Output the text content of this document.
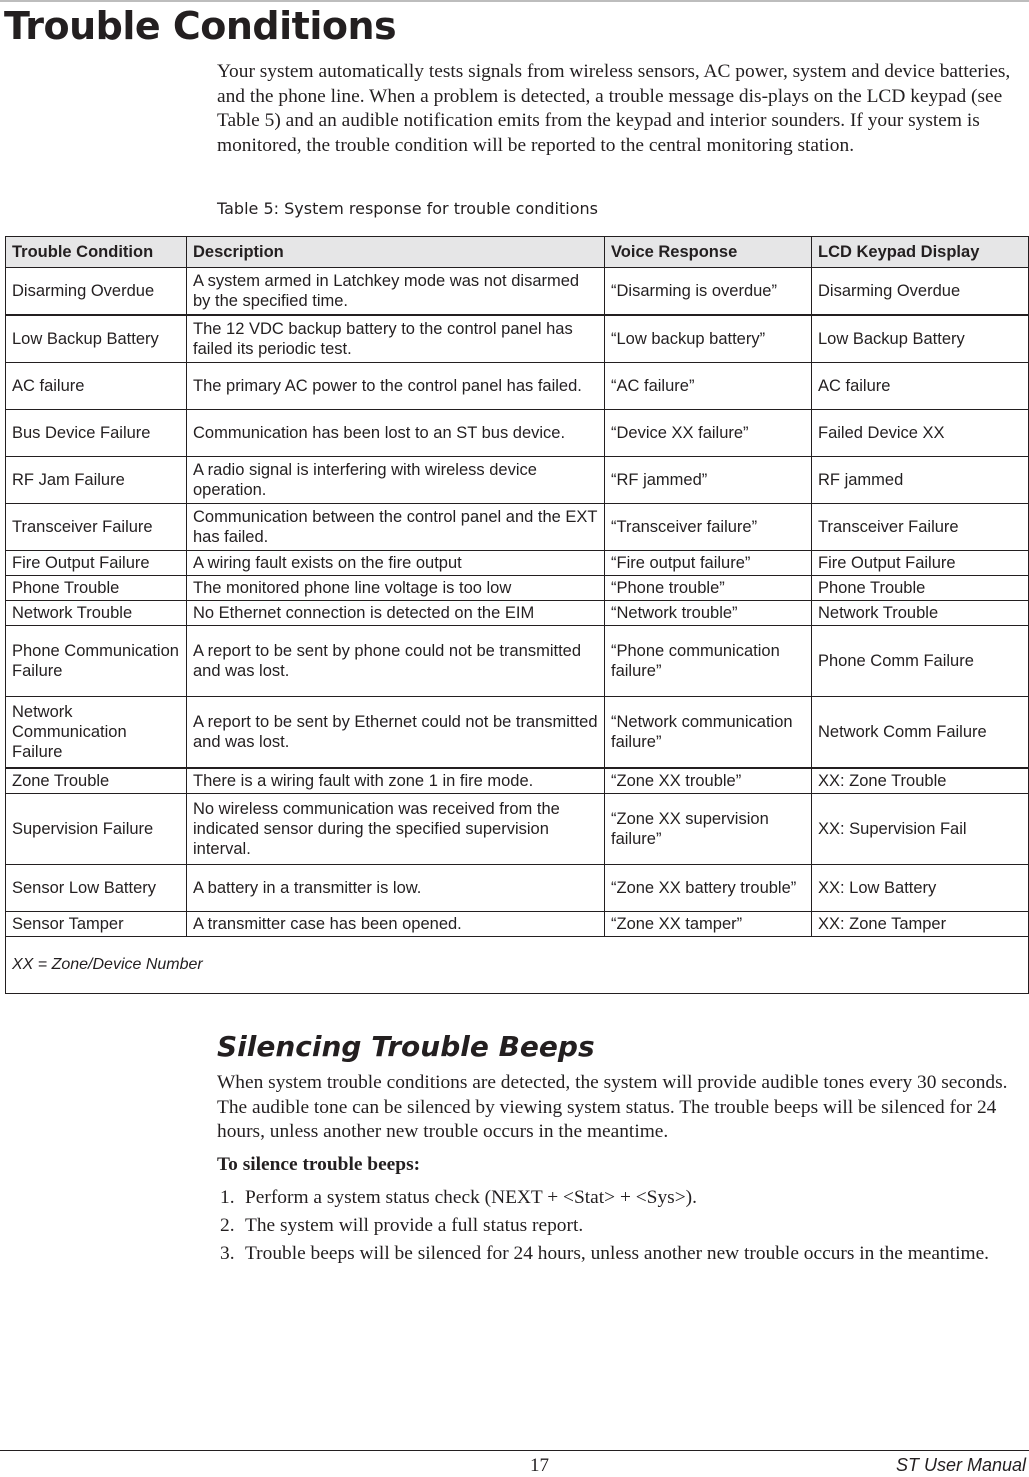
Trouble Conditions

Your system automatically tests signals from wireless sensors, AC power, system and device batteries, and the phone line. When a problem is detected, a trouble message dis-plays on the LCD keypad (see Table 5) and an audible notification emits from the keypad and interior sounders. If your system is monitored, the trouble condition will be reported to the central monitoring station.

Table 5: System response for trouble conditions

Trouble Condition	Description	Voice Response	LCD Keypad Display
Disarming Overdue	A system armed in Latchkey mode was not disarmed by the specified time.	“Disarming is overdue”	Disarming Overdue
Low Backup Battery	The 12 VDC backup battery to the control panel has failed its periodic test.	“Low backup battery”	Low Backup Battery
AC failure	The primary AC power to the control panel has failed.	“AC failure”	AC failure
Bus Device Failure	Communication has been lost to an ST bus device.	“Device XX failure”	Failed Device XX
RF Jam Failure	A radio signal is interfering with wireless device operation.	“RF jammed”	RF jammed
Transceiver Failure	Communication between the control panel and the EXT has failed.	“Transceiver failure”	Transceiver Failure
Fire Output Failure	A wiring fault exists on the fire output	“Fire output failure”	Fire Output Failure
Phone Trouble	The monitored phone line voltage is too low	“Phone trouble”	Phone Trouble
Network Trouble	No Ethernet connection is detected on the EIM	“Network trouble”	Network Trouble
Phone Communication Failure	A report to be sent by phone could not be transmitted and was lost.	“Phone communication failure”	Phone Comm Failure
Network Communication Failure	A report to be sent by Ethernet could not be transmitted and was lost.	“Network communication failure”	Network Comm Failure
Zone Trouble	There is a wiring fault with zone 1 in fire mode.	“Zone XX trouble”	XX: Zone Trouble
Supervision Failure	No wireless communication was received from the indicated sensor during the specified supervision interval.	“Zone XX supervision failure”	XX: Supervision Fail
Sensor Low Battery	A battery in a transmitter is low.	“Zone XX battery trouble”	XX: Low Battery
Sensor Tamper	A transmitter case has been opened.	“Zone XX tamper”	XX: Zone Tamper
XX = Zone/Device Number			
Silencing Trouble Beeps

When system trouble conditions are detected, the system will provide audible tones every 30 seconds. The audible tone can be silenced by viewing system status. The trouble beeps will be silenced for 24 hours, unless another new trouble occurs in the meantime.

To silence trouble beeps:

1. Perform a system status check (NEXT + <Stat> + <Sys>).
2. The system will provide a full status report.
3. Trouble beeps will be silenced for 24 hours, unless another new trouble occurs in the meantime.
17	ST User Manual
